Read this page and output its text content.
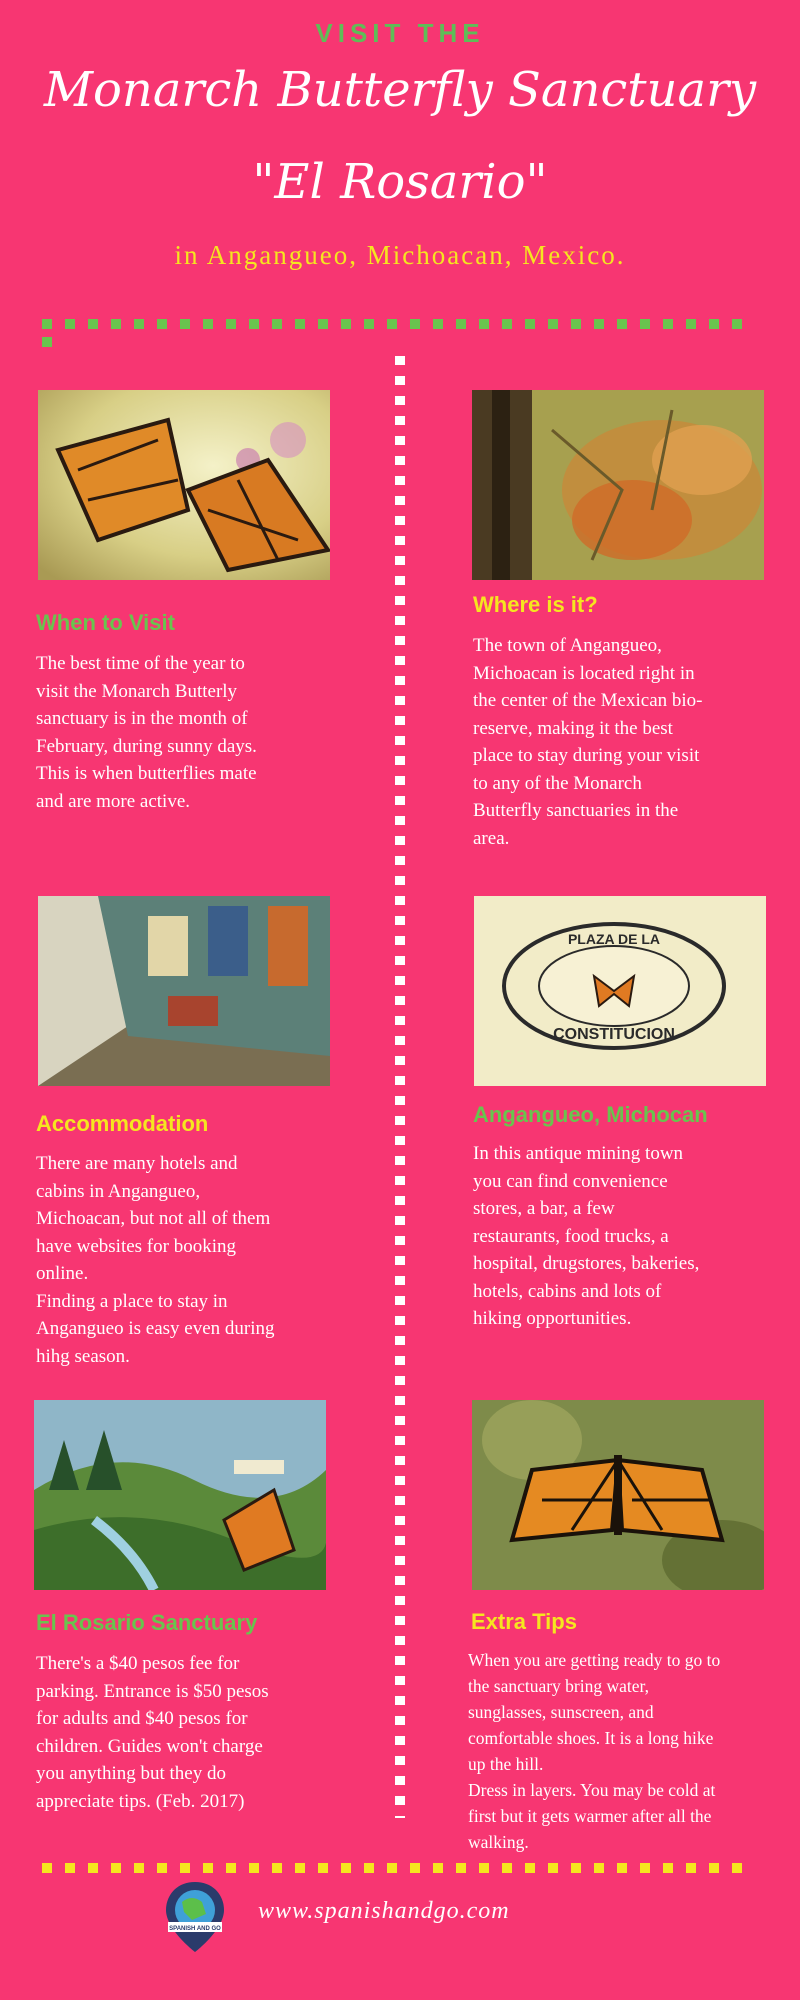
VISIT THE
Monarch Butterfly Sanctuary
"El Rosario"
in Angangueo, Michoacan, Mexico.
When to Visit
The best time of the year to
visit the Monarch Butterly
sanctuary is in the month of
February, during sunny days.
This is when butterflies mate
and are more active.
Where is it?
The town of Angangueo,
Michoacan is located right in
the center of the Mexican bio-
reserve, making it the best
place to stay during your visit
to any of the Monarch
Butterfly sanctuaries in the
area.
Accommodation
There are many hotels and
cabins in Angangueo,
Michoacan, but not all of them
have websites for booking
online.
Finding a place to stay in
Angangueo is easy even during
hihg season.
PLAZA DE LA
CONSTITUCION
Angangueo, Michocan
In this antique mining town
you can find convenience
stores, a bar, a few
restaurants, food trucks, a
hospital, drugstores, bakeries,
hotels, cabins and lots of
hiking opportunities.
El Rosario Sanctuary
There's a $40 pesos fee for
parking. Entrance is $50 pesos
for adults and $40 pesos for
children. Guides won't charge
you anything but they do
appreciate tips. (Feb. 2017)
Extra Tips
When you are getting ready to go to
the sanctuary bring water,
sunglasses, sunscreen, and
comfortable shoes. It is a long hike
up the hill.
Dress in layers. You may be cold at
first but it gets warmer after all the
walking.
SPANISH AND GO
www.spanishandgo.com
